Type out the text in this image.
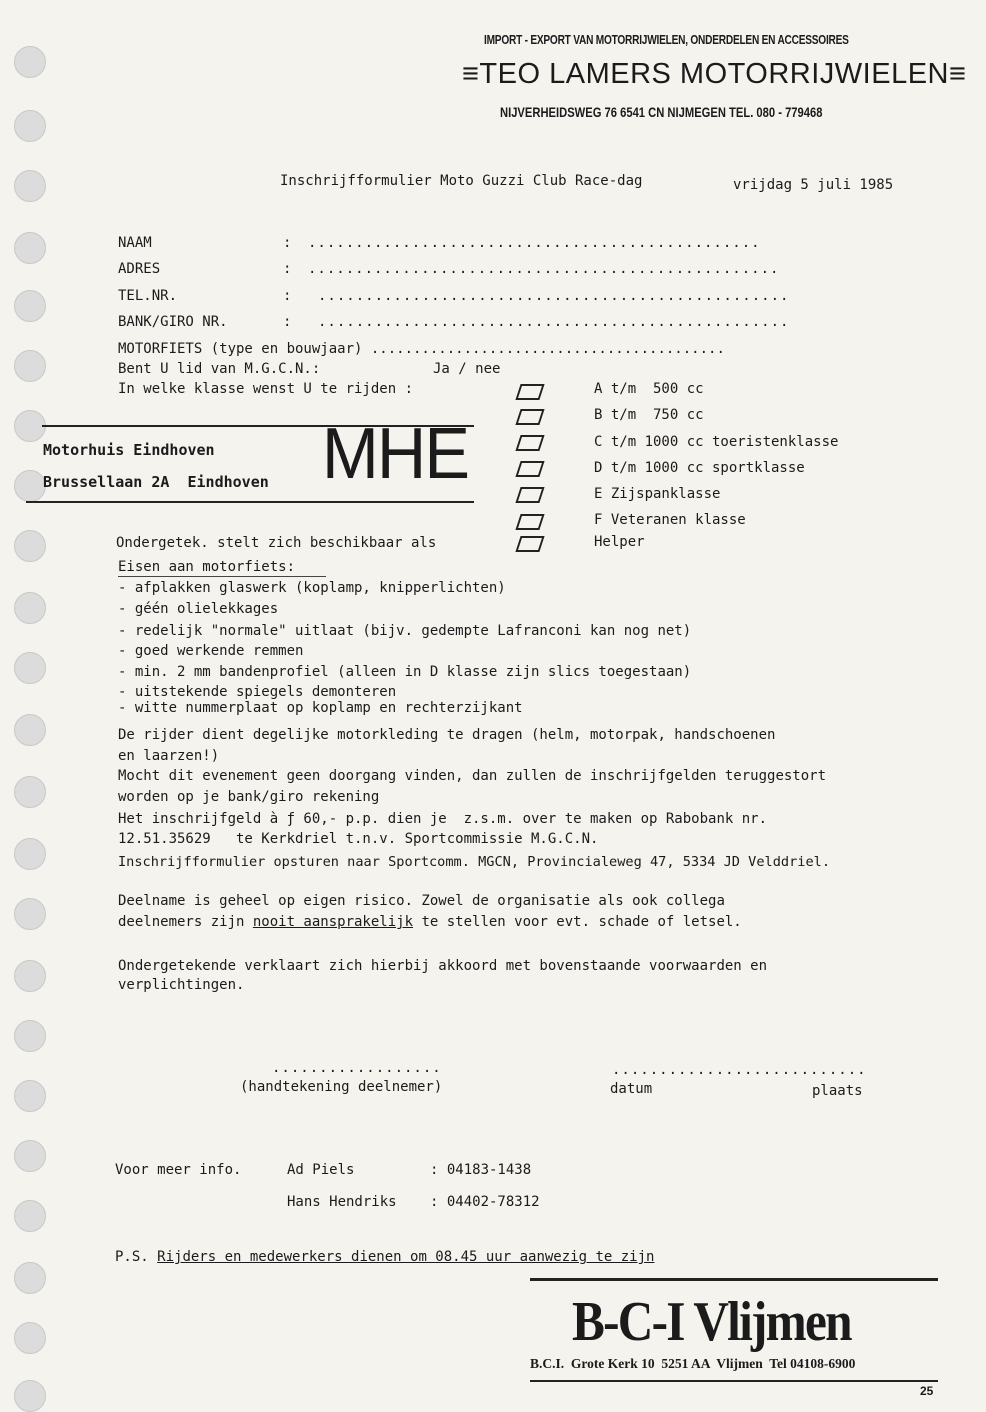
IMPORT - EXPORT VAN MOTORRIJWIELEN, ONDERDELEN EN ACCESSOIRES
≡TEO LAMERS MOTORRIJWIELEN≡
NIJVERHEIDSWEG 76 6541 CN NIJMEGEN TEL. 080 - 779468
Inschrijfformulier Moto Guzzi Club Race-dag	vrijdag 5 juli 1985
NAAM	: ................................................
ADRES	: ..................................................
TEL.NR.	: ..................................................
BANK/GIRO NR.	: ..................................................
MOTORFIETS (type en bouwjaar) ..........................................
Bent U lid van M.G.C.N.:	Ja / nee
In welke klasse wenst U te rijden :	A t/m  500 cc
B t/m  750 cc
C t/m 1000 cc toeristenklasse
D t/m 1000 cc sportklasse
E Zijspanklasse
F Veteranen klasse
Ondergetek. stelt zich beschikbaar als	Helper
Motorhuis Eindhoven
Brussellaan 2A  Eindhoven MHE
Eisen aan motorfiets:
- afplakken glaswerk (koplamp, knipperlichten)
- géén olielekkages
- redelijk "normale" uitlaat (bijv. gedempte Lafranconi kan nog net)
- goed werkende remmen
- min. 2 mm bandenprofiel (alleen in D klasse zijn slics toegestaan)
- uitstekende spiegels demonteren
- witte nummerplaat op koplamp en rechterzijkant
De rijder dient degelijke motorkleding te dragen (helm, motorpak, handschoenen
en laarzen!)
Mocht dit evenement geen doorgang vinden, dan zullen de inschrijfgelden teruggestort
worden op je bank/giro rekening
Het inschrijfgeld à ƒ 60,- p.p. dien je  z.s.m. over te maken op Rabobank nr.
12.51.35629   te Kerkdriel t.n.v. Sportcommissie M.G.C.N.
Inschrijfformulier opsturen naar Sportcomm. MGCN, Provincialeweg 47, 5334 JD Velddriel.
Deelname is geheel op eigen risico. Zowel de organisatie als ook collega
deelnemers zijn nooit aansprakelijk te stellen voor evt. schade of letsel.
Ondergetekende verklaart zich hierbij akkoord met bovenstaande voorwaarden en
verplichtingen.
..................	...........................
(handtekening deelnemer)	datum	plaats
Voor meer info.	Ad Piels	: 04183-1438
Hans Hendriks : 04402-78312
P.S. Rijders en medewerkers dienen om 08.45 uur aanwezig te zijn
B-C-I Vlijmen
B.C.I.  Grote Kerk 10  5251 AA  Vlijmen  Tel 04108-6900
25
